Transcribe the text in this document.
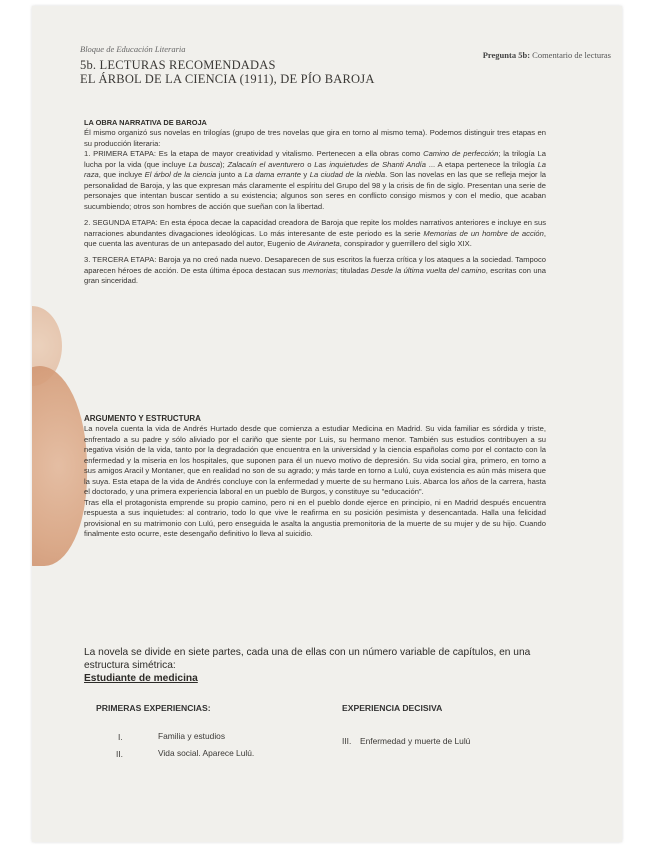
Bloque de Educación Literaria
Pregunta 5b: Comentario de lecturas
5b. LECTURAS RECOMENDADAS
EL ÁRBOL DE LA CIENCIA (1911), DE PÍO BAROJA
LA OBRA NARRATIVA DE BAROJA
Él mismo organizó sus novelas en trilogías (grupo de tres novelas que gira en torno al mismo tema). Podemos distinguir tres etapas en su producción literaria:
1. PRIMERA ETAPA: Es la etapa de mayor creatividad y vitalismo. Pertenecen a ella obras como Camino de perfección; la trilogía La lucha por la vida (que incluye La busca); Zalacaín el aventurero o Las inquietudes de Shanti Andía ... A etapa pertenece la trilogía La raza, que incluye El árbol de la ciencia junto a La dama errante y La ciudad de la niebla. Son las novelas en las que se refleja mejor la personalidad de Baroja, y las que expresan más claramente el espíritu del Grupo del 98 y la crisis de fin de siglo. Presentan una serie de personajes que intentan buscar sentido a su existencia; algunos son seres en conflicto consigo mismos y con el medio, que acaban sucumbiendo; otros son hombres de acción que sueñan con la libertad.
2. SEGUNDA ETAPA: En esta época decae la capacidad creadora de Baroja que repite los moldes narrativos anteriores e incluye en sus narraciones abundantes divagaciones ideológicas. Lo más interesante de este periodo es la serie Memorias de un hombre de acción, que cuenta las aventuras de un antepasado del autor, Eugenio de Aviraneta, conspirador y guerrillero del siglo XIX.
3. TERCERA ETAPA: Baroja ya no creó nada nuevo. Desaparecen de sus escritos la fuerza crítica y los ataques a la sociedad. Tampoco aparecen héroes de acción. De esta última época destacan sus memorias; tituladas Desde la última vuelta del camino, escritas con una gran sinceridad.
ARGUMENTO Y ESTRUCTURA
La novela cuenta la vida de Andrés Hurtado desde que comienza a estudiar Medicina en Madrid. Su vida familiar es sórdida y triste, enfrentado a su padre y sólo aliviado por el cariño que siente por Luis, su hermano menor. También sus estudios contribuyen a su negativa visión de la vida, tanto por la degradación que encuentra en la universidad y la ciencia españolas como por el contacto con la enfermedad y la miseria en los hospitales, que suponen para él un nuevo motivo de depresión. Su vida social gira, primero, en torno a sus amigos Aracil y Montaner, que en realidad no son de su agrado; y más tarde en torno a Lulú, cuya existencia es aún más misera que la suya. Esta etapa de la vida de Andrés concluye con la enfermedad y muerte de su hermano Luis. Abarca los años de la carrera, hasta el doctorado, y una primera experiencia laboral en un pueblo de Burgos, y constituye su "educación".
Tras ella el protagonista emprende su propio camino, pero ni en el pueblo donde ejerce en principio, ni en Madrid después encuentra respuesta a sus inquietudes: al contrario, todo lo que vive le reafirma en su posición pesimista y desencantada. Halla una felicidad provisional en su matrimonio con Lulú, pero enseguida le asalta la angustia premonitoria de la muerte de su mujer y de su hijo. Cuando finalmente esto ocurre, este desengaño definitivo lo lleva al suicidio.
La novela se divide en siete partes, cada una de ellas con un número variable de capítulos, en una estructura simétrica:
Estudiante de medicina
PRIMERAS EXPERIENCIAS:	EXPERIENCIA DECISIVA
I.	Familia y estudios
II.	Vida social. Aparece Lulú.
III. Enfermedad y muerte de Lulú
